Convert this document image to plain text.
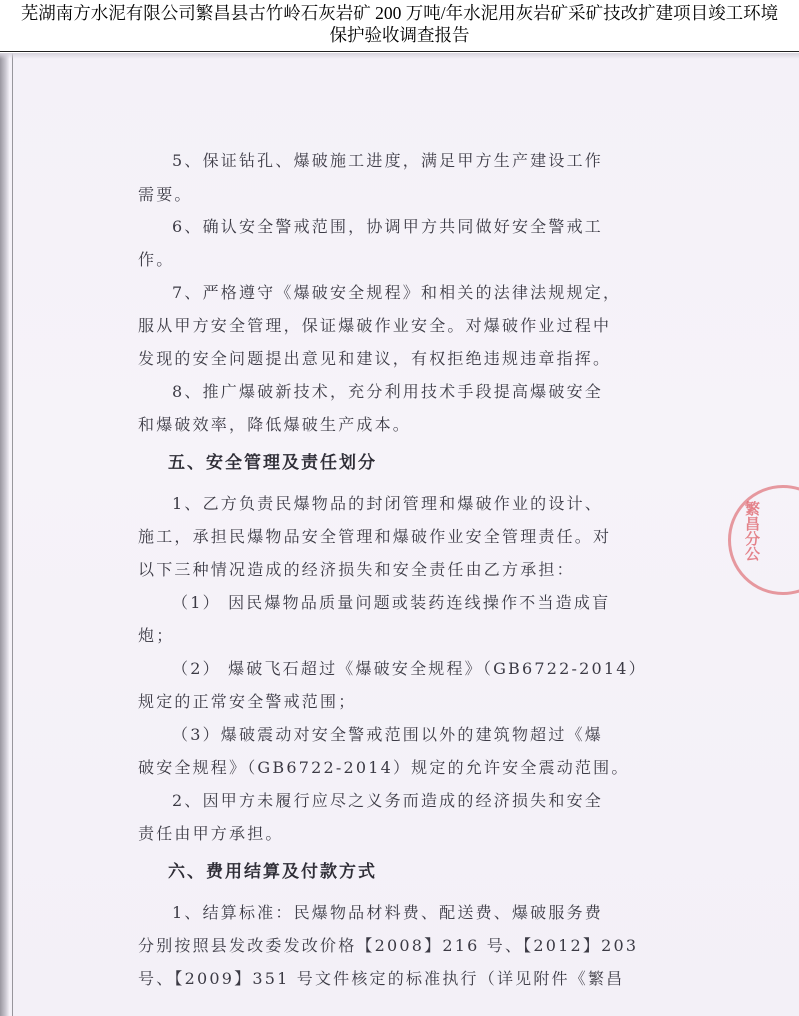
芜湖南方水泥有限公司繁昌县古竹岭石灰岩矿 200 万吨/年水泥用灰岩矿采矿技改扩建项目竣工环境
保护验收调查报告
5、保证钻孔、爆破施工进度，满足甲方生产建设工作
需要。
6、确认安全警戒范围，协调甲方共同做好安全警戒工
作。
7、严格遵守《爆破安全规程》和相关的法律法规规定，
服从甲方安全管理，保证爆破作业安全。对爆破作业过程中
发现的安全问题提出意见和建议，有权拒绝违规违章指挥。
8、推广爆破新技术，充分利用技术手段提高爆破安全
和爆破效率，降低爆破生产成本。
五、安全管理及责任划分
1、乙方负责民爆物品的封闭管理和爆破作业的设计、
施工，承担民爆物品安全管理和爆破作业安全管理责任。对
以下三种情况造成的经济损失和安全责任由乙方承担：
（1） 因民爆物品质量问题或装药连线操作不当造成盲
炮；
（2） 爆破飞石超过《爆破安全规程》（GB6722-2014）
规定的正常安全警戒范围；
（3）爆破震动对安全警戒范围以外的建筑物超过《爆
破安全规程》（GB6722-2014）规定的允许安全震动范围。
2、因甲方未履行应尽之义务而造成的经济损失和安全
责任由甲方承担。
六、费用结算及付款方式
1、结算标准：民爆物品材料费、配送费、爆破服务费
分别按照县发改委发改价格【2008】216 号、【2012】203
号、【2009】351 号文件核定的标准执行（详见附件《繁昌
繁昌分公
